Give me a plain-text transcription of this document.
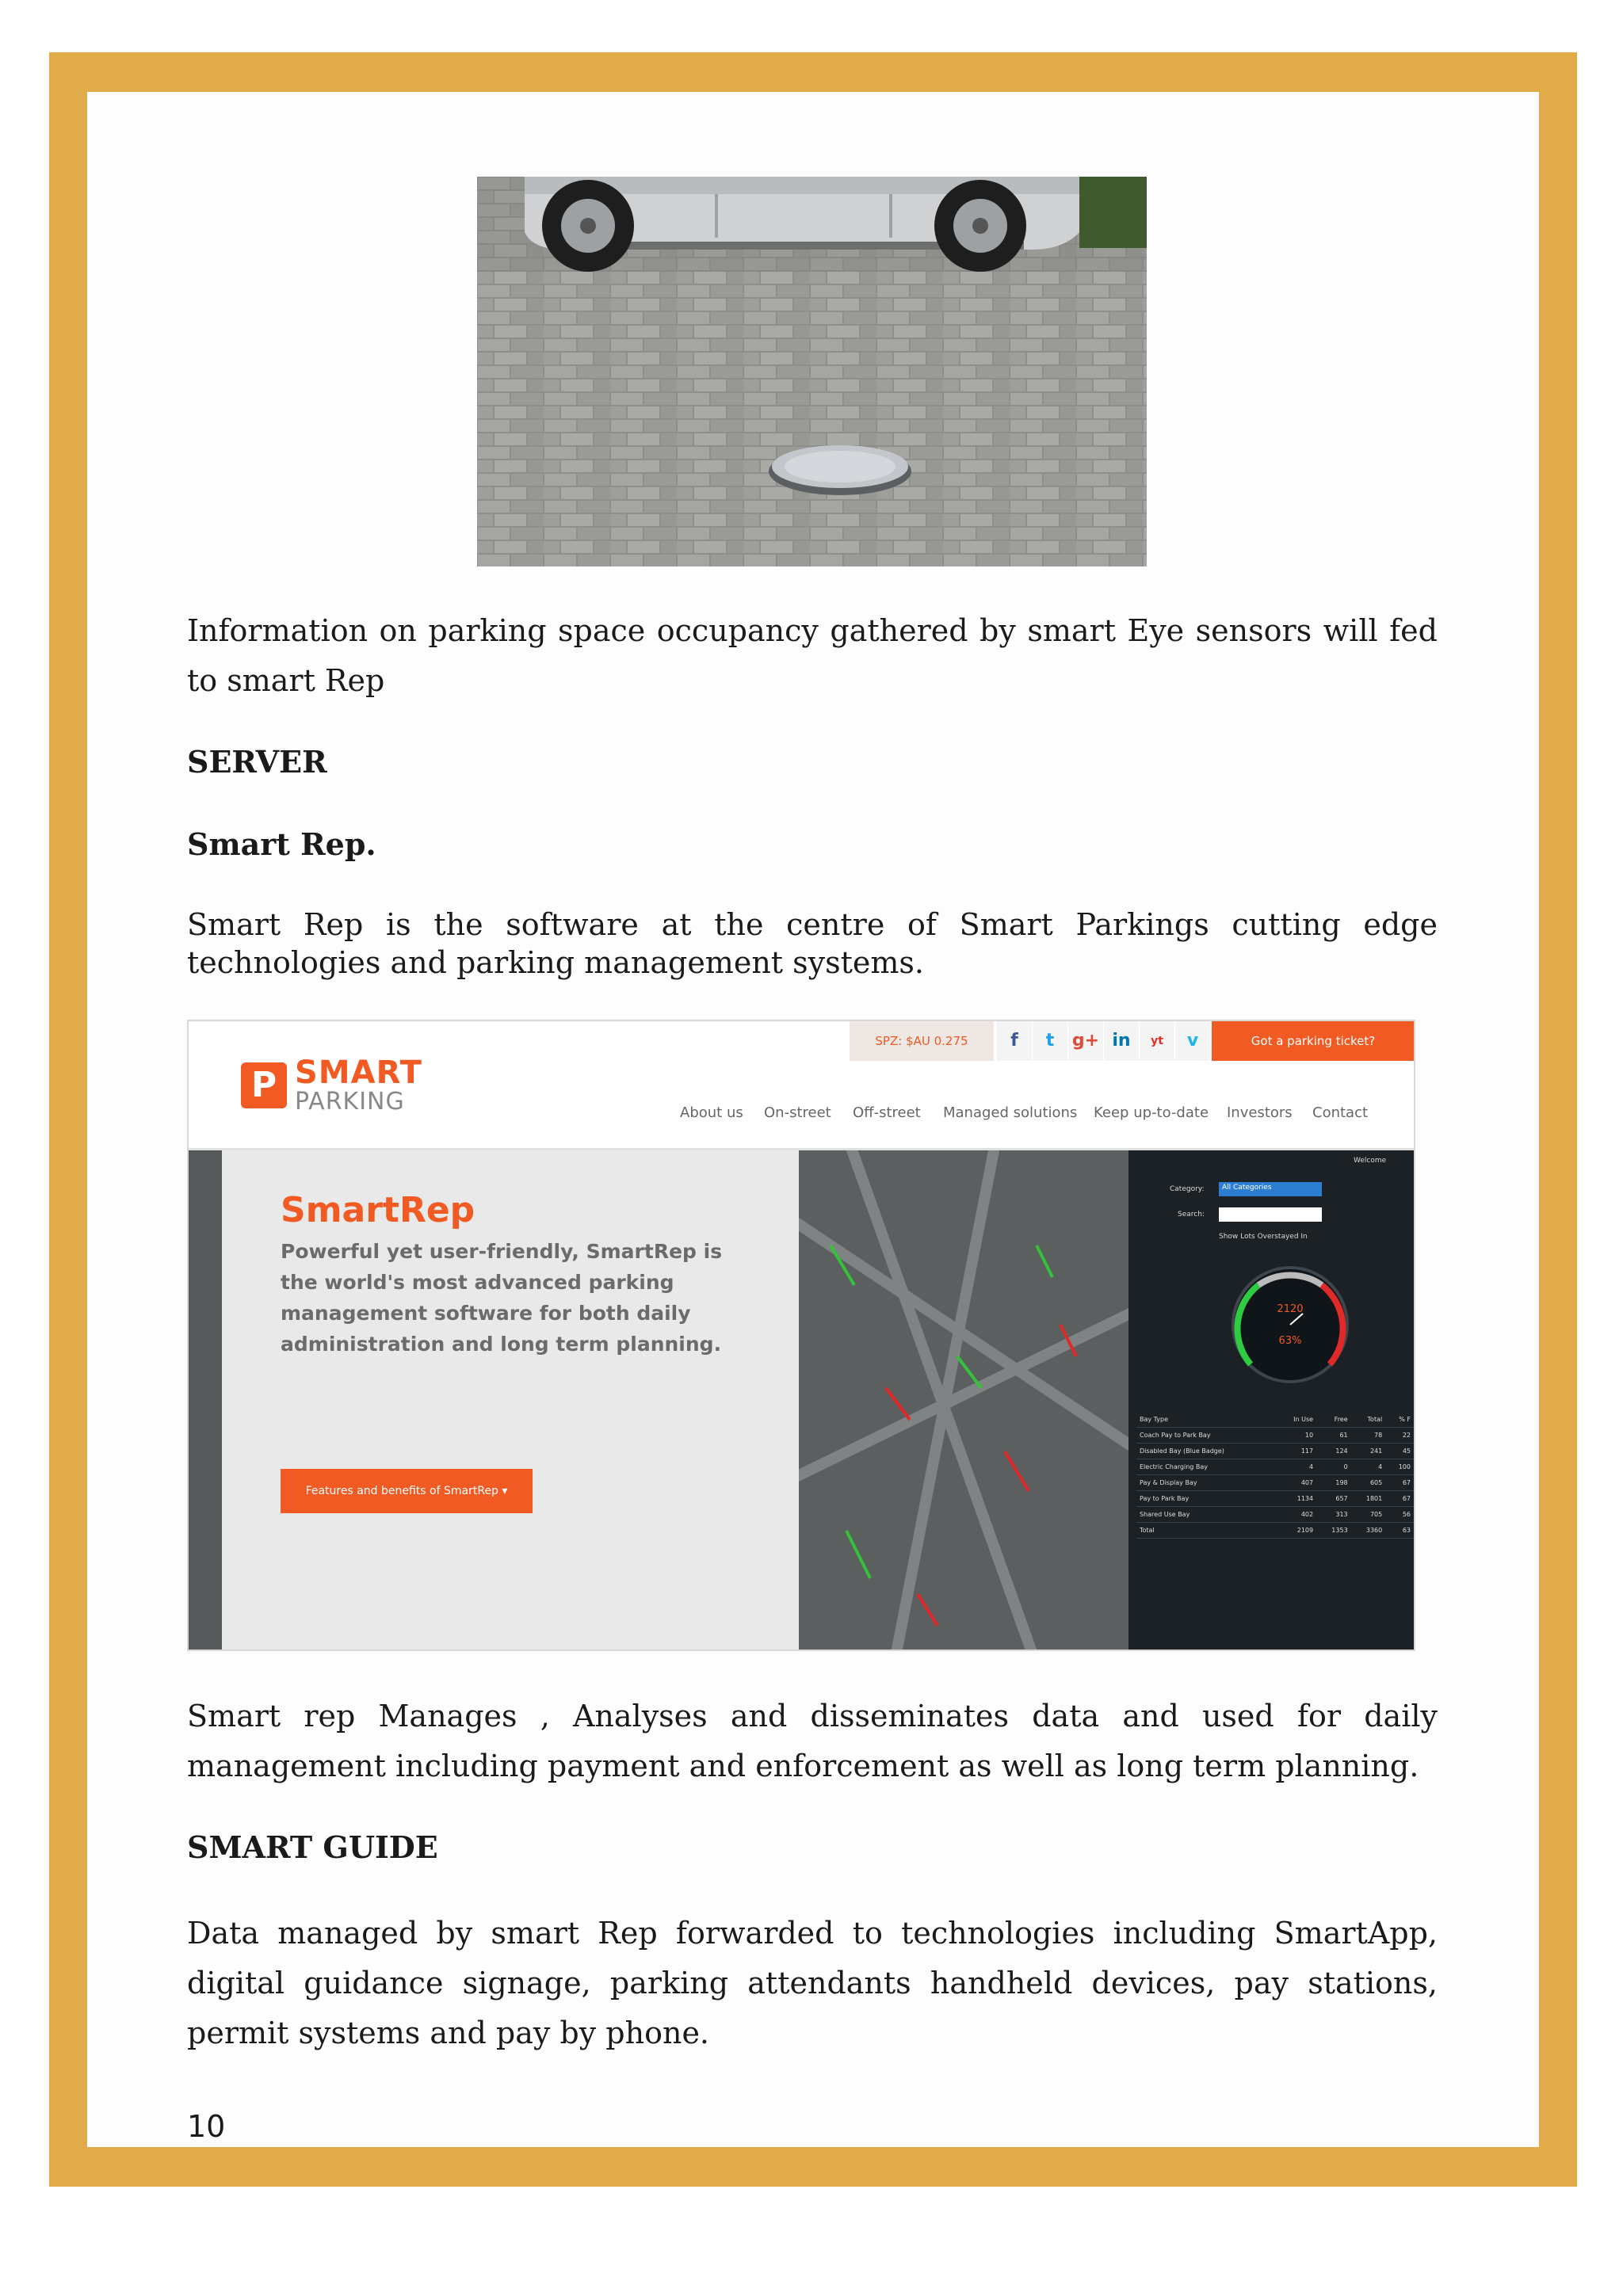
Information on parking space occupancy gathered by smart Eye sensors will fed to smart Rep
SERVER
Smart Rep.
Smart Rep is the software at the centre of Smart Parkings cutting edge technologies and parking management systems.
P SMART
PARKING
SPZ: $AU 0.275	f	t	g+ in	yt	v	Got a parking ticket?
About us On-street Off-street Managed solutions Keep up-to-date Investors Contact
SmartRep
Powerful yet user-friendly, SmartRep is the world's most advanced parking management software for both daily administration and long term planning.
Features and benefits of SmartRep ▾
Welcome
Category:	All Categories
Search:
Show Lots Overstayed In
2120
63%
Bay Type	In Use	Free	Total	% F
Coach Pay to Park Bay	10	61	78	22
Disabled Bay (Blue Badge)	117	124	241	45
Electric Charging Bay	4	0	4	100
Pay & Display Bay	407	198	605	67
Pay to Park Bay	1134	657	1801	67
Shared Use Bay	402	313	705	56
Total	2109	1353	3360	63
Smart rep Manages , Analyses and disseminates data and used for daily management including payment and enforcement as well as long term planning.
SMART GUIDE
Data managed by smart Rep forwarded to technologies including SmartApp, digital guidance signage, parking attendants handheld devices, pay stations, permit systems and pay by phone.
10
